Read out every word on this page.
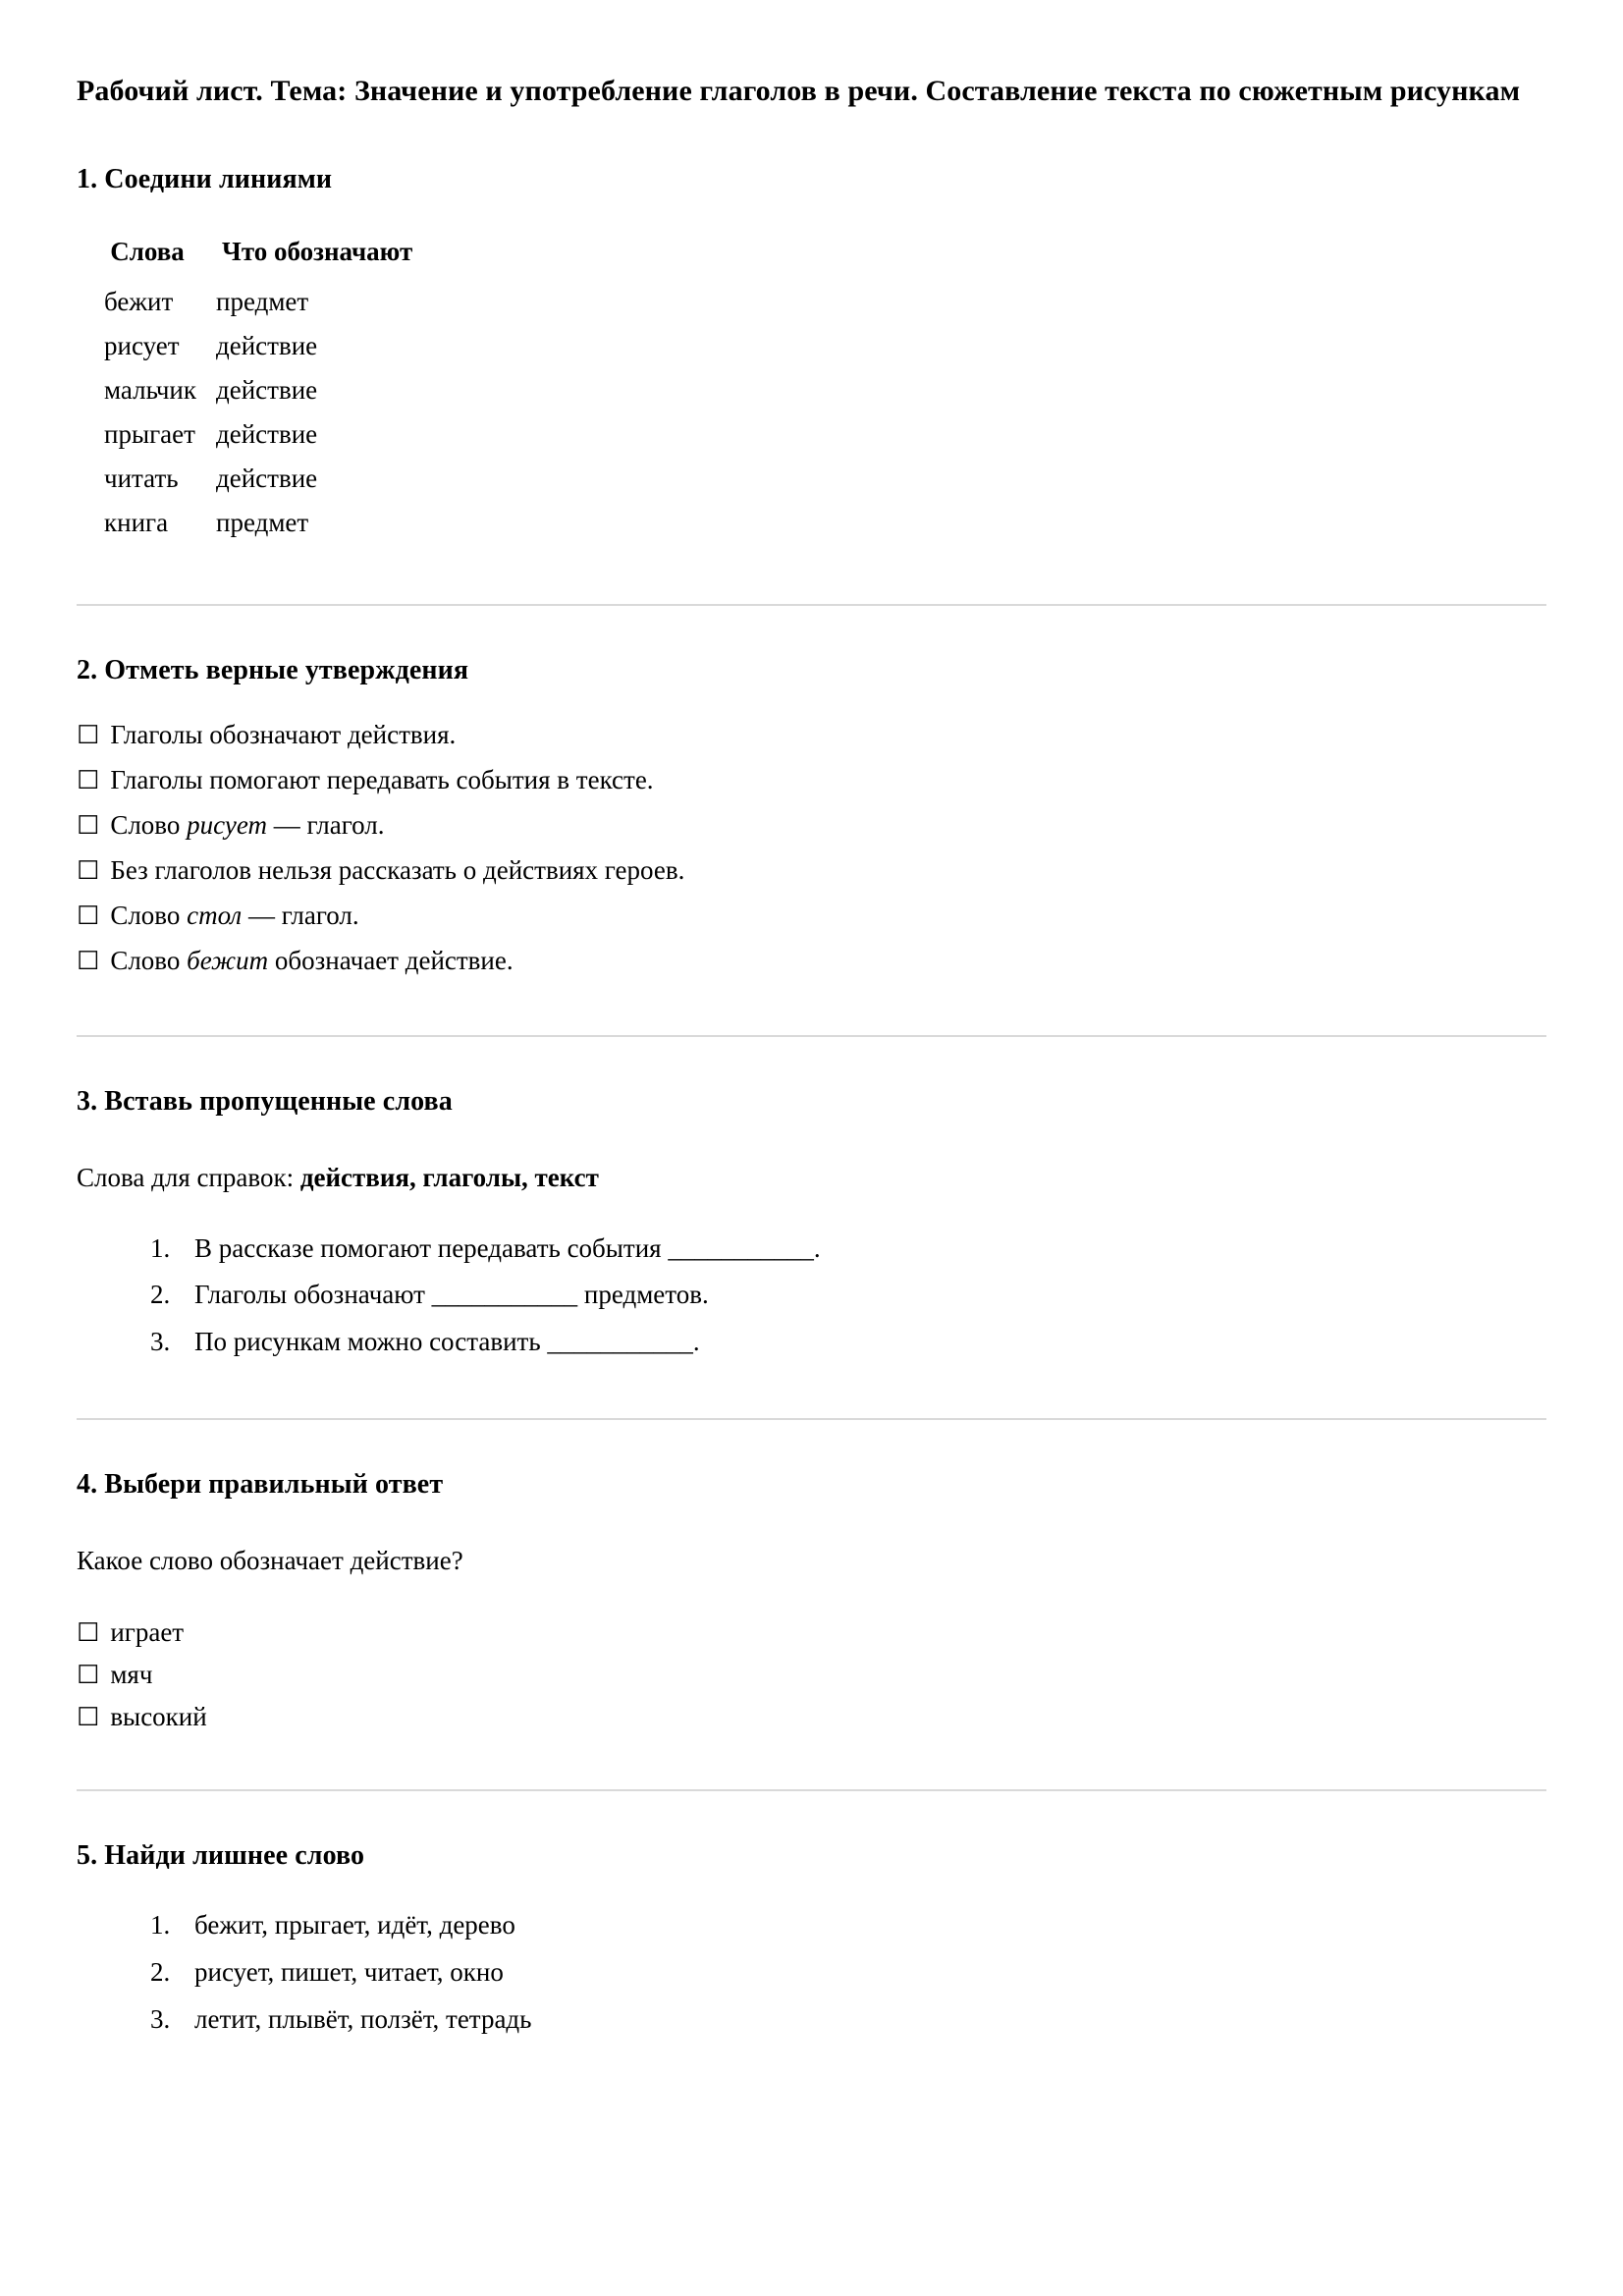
Рабочий лист. Тема: Значение и употребление глаголов в речи. Составление текста по сюжетным рисункам
1. Соедини линиями
Слова	Что обозначают
бежит	предмет
рисует	действие
мальчик	действие
прыгает	действие
читать	действие
книга	предмет
2. Отметь верные утверждения
☐ Глаголы обозначают действия.
☐ Глаголы помогают передавать события в тексте.
☐ Слово рисует — глагол.
☐ Без глаголов нельзя рассказать о действиях героев.
☐ Слово стол — глагол.
☐ Слово бежит обозначает действие.
3. Вставь пропущенные слова

Слова для справок: действия, глаголы, текст

1. В рассказе помогают передавать события ___________.
2. Глаголы обозначают ___________ предметов.
3. По рисункам можно составить ___________.
4. Выбери правильный ответ

Какое слово обозначает действие?

☐ играет
☐ мяч
☐ высокий
5. Найди лишнее слово
1. бежит, прыгает, идёт, дерево
2. рисует, пишет, читает, окно
3. летит, плывёт, ползёт, тетрадь
